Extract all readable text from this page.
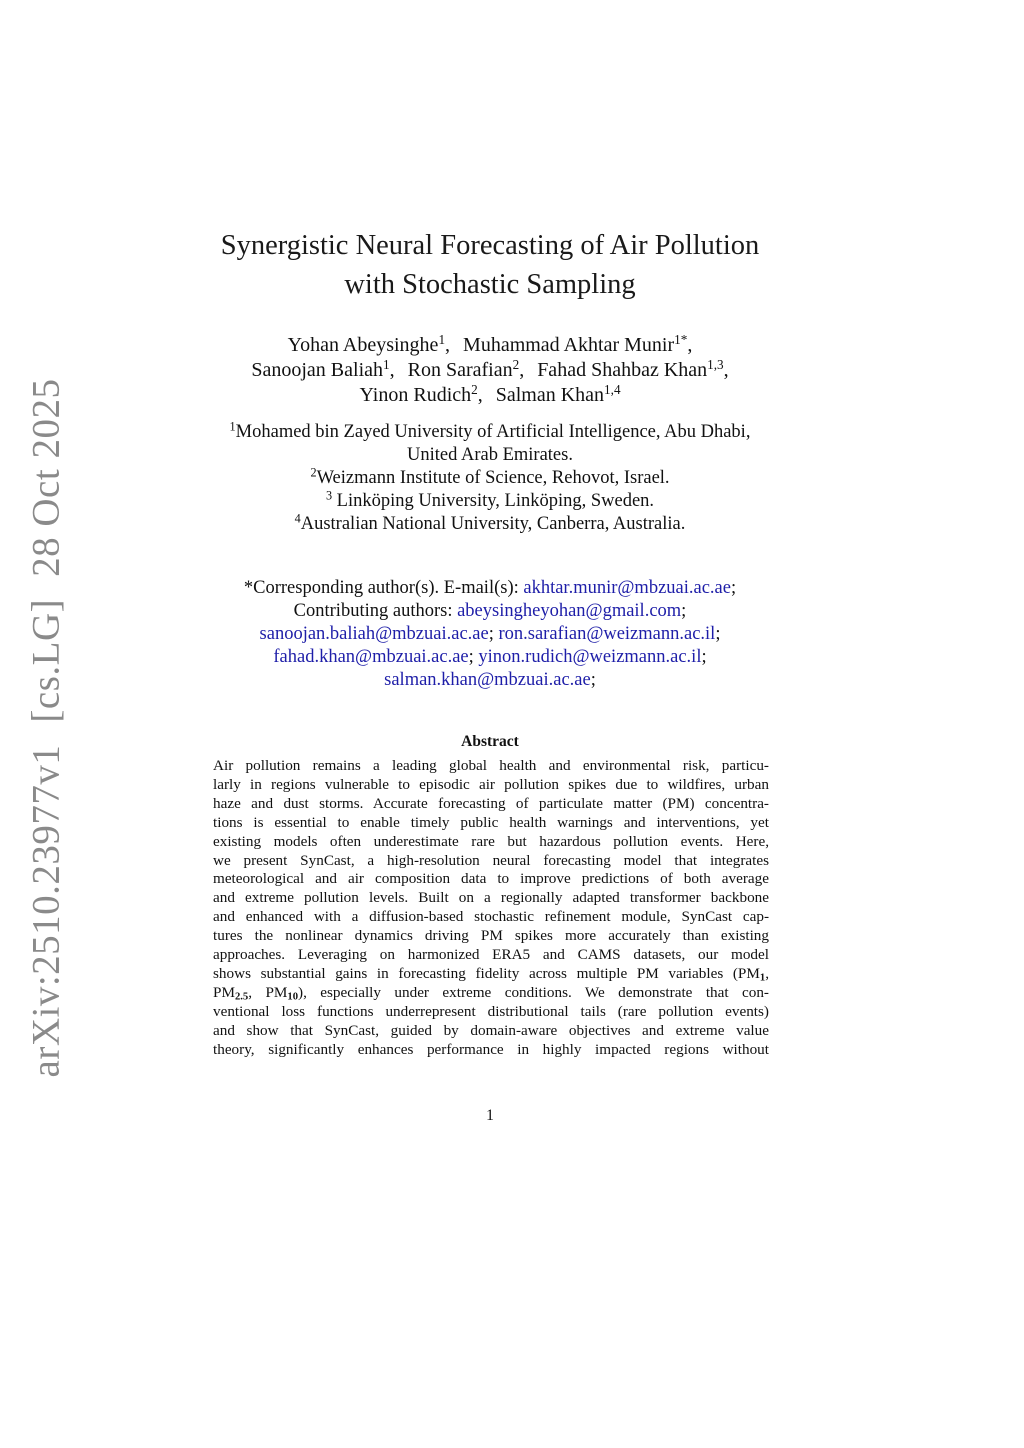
arXiv:2510.23977v1[cs.LG]28 Oct 2025
Synergistic Neural Forecasting of Air Pollution
with Stochastic Sampling
Yohan Abeysinghe$^1$, Muhammad Akhtar Munir$^{1*}$,
Sanoojan Baliah$^1$, Ron Sarafian$^2$, Fahad Shahbaz Khan$^{1,3}$,
Yinon Rudich$^2$, Salman Khan$^{1,4}$
$^1$Mohamed bin Zayed University of Artificial Intelligence, Abu Dhabi,
United Arab Emirates.
$^2$Weizmann Institute of Science, Rehovot, Israel.
$^3$ Linköping University, Linköping, Sweden.
$^4$Australian National University, Canberra, Australia.
*Corresponding author(s). E-mail(s): akhtar.munir@mbzuai.ac.ae;
Contributing authors: abeysingheyohan@gmail.com;
sanoojan.baliah@mbzuai.ac.ae; ron.sarafian@weizmann.ac.il;
fahad.khan@mbzuai.ac.ae; yinon.rudich@weizmann.ac.il;
salman.khan@mbzuai.ac.ae;
Abstract
Air pollution remains a leading global health and environmental risk, particu-
larly in regions vulnerable to episodic air pollution spikes due to wildfires, urban
haze and dust storms. Accurate forecasting of particulate matter (PM) concentra-
tions is essential to enable timely public health warnings and interventions, yet
existing models often underestimate rare but hazardous pollution events. Here,
we present SynCast, a high-resolution neural forecasting model that integrates
meteorological and air composition data to improve predictions of both average
and extreme pollution levels. Built on a regionally adapted transformer backbone
and enhanced with a diffusion-based stochastic refinement module, SynCast cap-
tures the nonlinear dynamics driving PM spikes more accurately than existing
approaches. Leveraging on harmonized ERA5 and CAMS datasets, our model
shows substantial gains in forecasting fidelity across multiple PM variables (PM1,
PM2.5, PM10), especially under extreme conditions. We demonstrate that con-
ventional loss functions underrepresent distributional tails (rare pollution events)
and show that SynCast, guided by domain-aware objectives and extreme value
theory, significantly enhances performance in highly impacted regions without
1
